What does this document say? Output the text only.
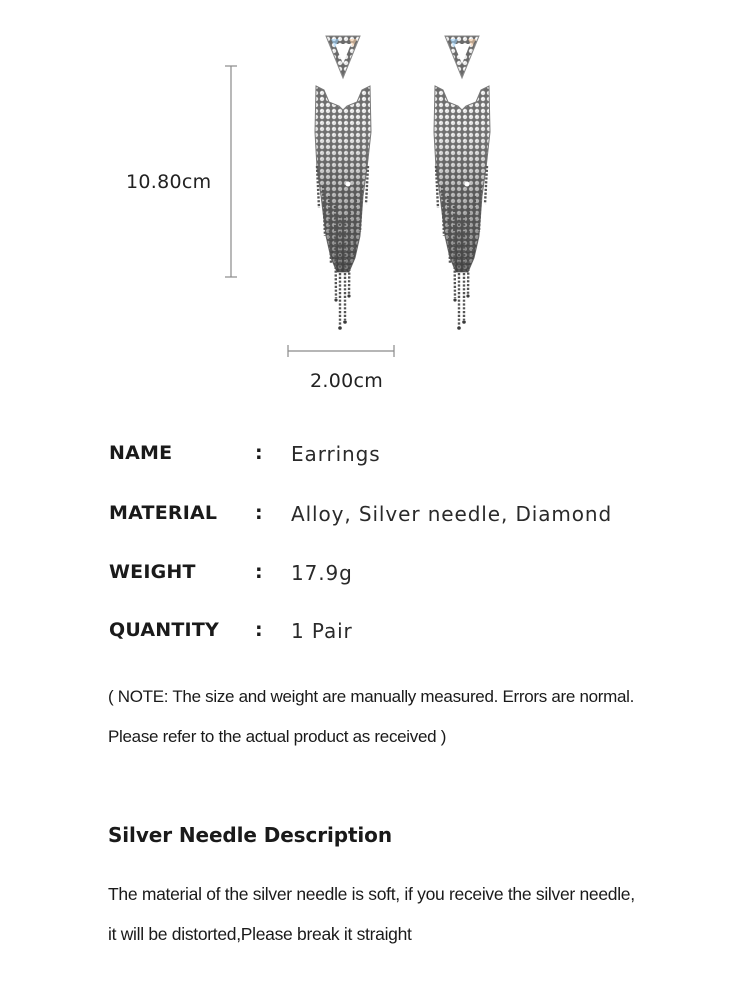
10.80cm
2.00cm
NAME	: Earrings
MATERIAL : Alloy, Silver needle, Diamond
WEIGHT	: 17.9g
QUANTITY : 1 Pair
( NOTE: The size and weight are manually measured. Errors are normal.
Please refer to the actual product as received )
Silver Needle Description
The material of the silver needle is soft, if you receive the silver needle,
it will be distorted,Please break it straight
